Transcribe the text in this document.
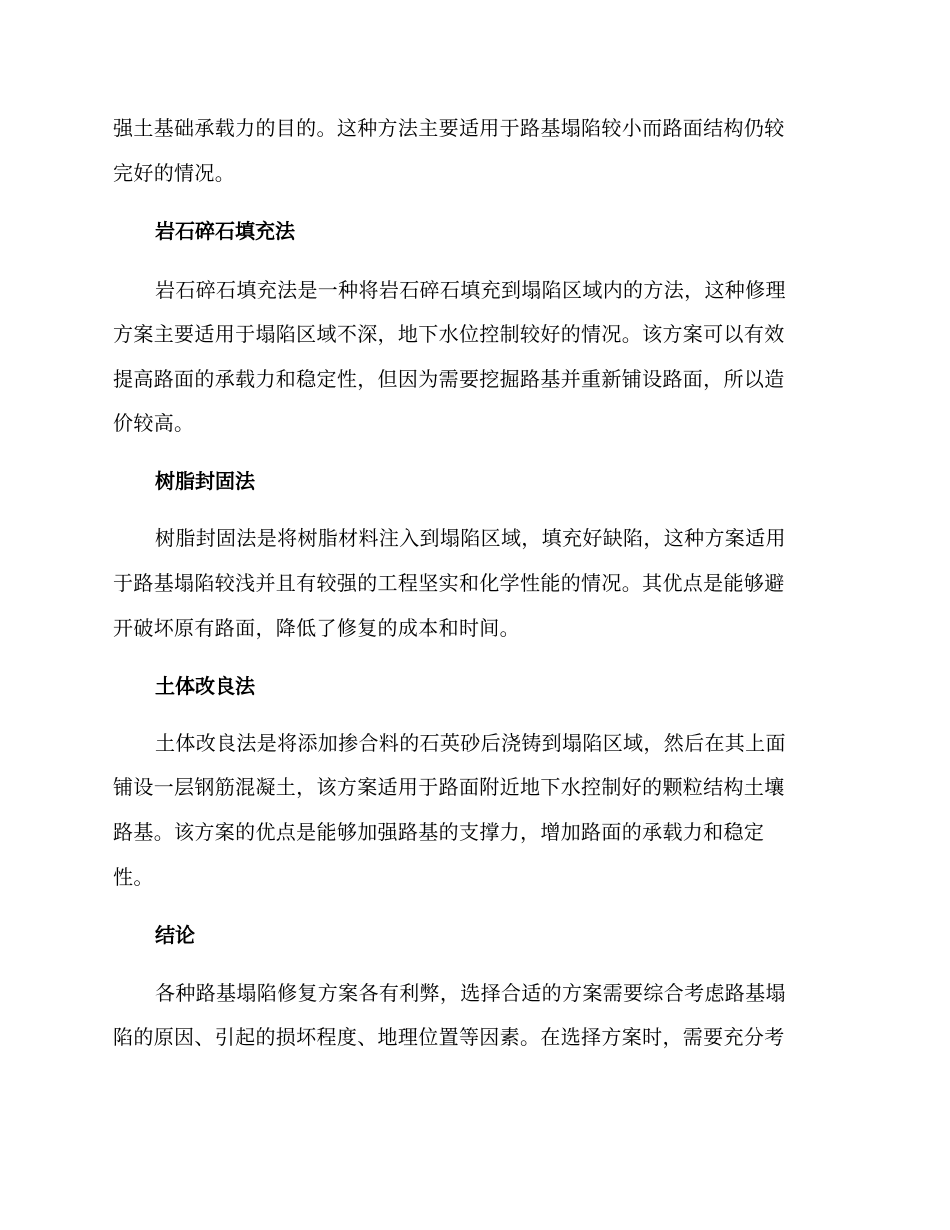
强土基础承载力的目的。这种方法主要适用于路基塌陷较小而路面结构仍较

完好的情况。

岩石碎石填充法

岩石碎石填充法是一种将岩石碎石填充到塌陷区域内的方法，这种修理

方案主要适用于塌陷区域不深，地下水位控制较好的情况。该方案可以有效

提高路面的承载力和稳定性，但因为需要挖掘路基并重新铺设路面，所以造

价较高。

树脂封固法

树脂封固法是将树脂材料注入到塌陷区域，填充好缺陷，这种方案适用

于路基塌陷较浅并且有较强的工程坚实和化学性能的情况。其优点是能够避

开破坏原有路面，降低了修复的成本和时间。

土体改良法

土体改良法是将添加掺合料的石英砂后浇铸到塌陷区域，然后在其上面

铺设一层钢筋混凝土，该方案适用于路面附近地下水控制好的颗粒结构土壤

路基。该方案的优点是能够加强路基的支撑力，增加路面的承载力和稳定

性。

结论

各种路基塌陷修复方案各有利弊，选择合适的方案需要综合考虑路基塌

陷的原因、引起的损坏程度、地理位置等因素。在选择方案时，需要充分考
